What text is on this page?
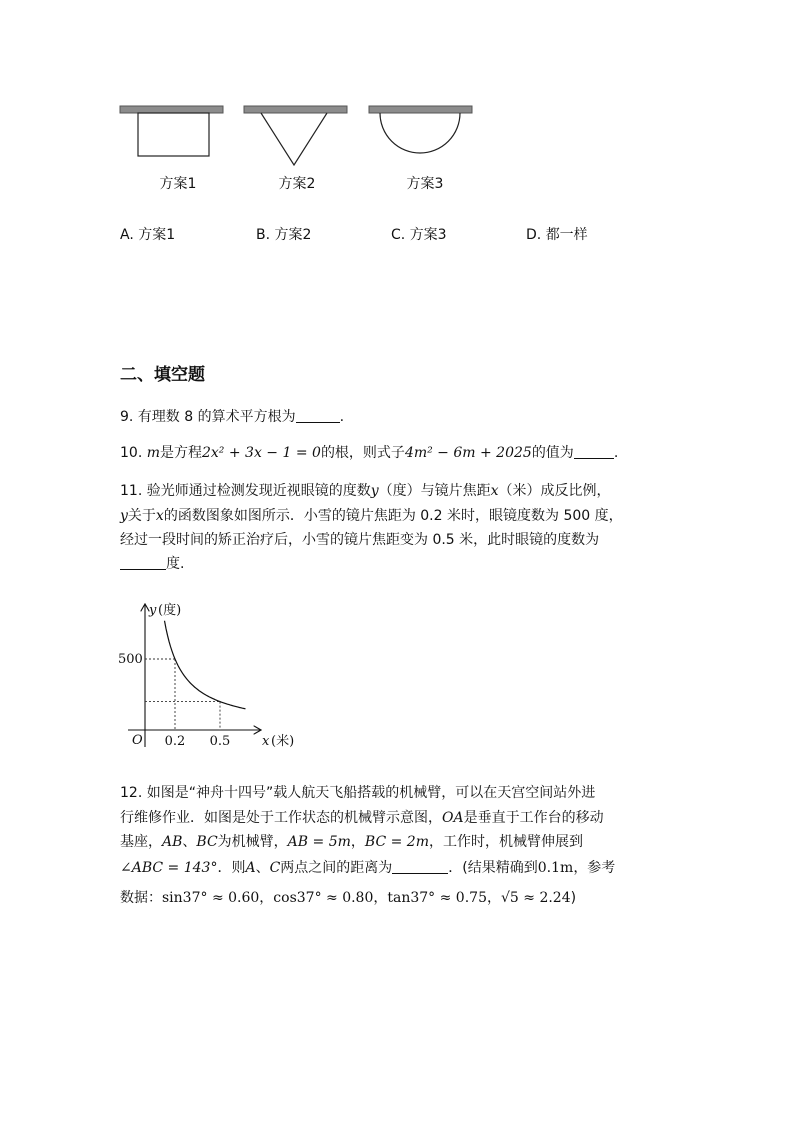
方案1	方案2	方案3
A. 方案1	B. 方案2	C. 方案3	D. 都一样
二、填空题
9. 有理数 8 的算术平方根为	.
10. m是方程2x² + 3x − 1 = 0的根，则式子4m² − 6m + 2025的值为	.
11. 验光师通过检测发现近视眼镜的度数y（度）与镜片焦距x（米）成反比例，
y关于x的函数图象如图所示．小雪的镜片焦距为 0.2 米时，眼镜度数为 500 度，
经过一段时间的矫正治疗后，小雪的镜片焦距变为 0.5 米，此时眼镜的度数为
度.
y (度)
O
500
0.2 0.5 x (米)
12. 如图是“神舟十四号”载人航天飞船搭载的机械臂，可以在天宫空间站外进
行维修作业．如图是处于工作状态的机械臂示意图，OA是垂直于工作台的移动
基座，AB、BC为机械臂，AB = 5m，BC = 2m，工作时，机械臂伸展到
∠ABC = 143°．则A、C两点之间的距离为	．(结果精确到0.1m，参考
数据：sin37° ≈ 0.60，cos37° ≈ 0.80，tan37° ≈ 0.75，√5 ≈ 2.24)
